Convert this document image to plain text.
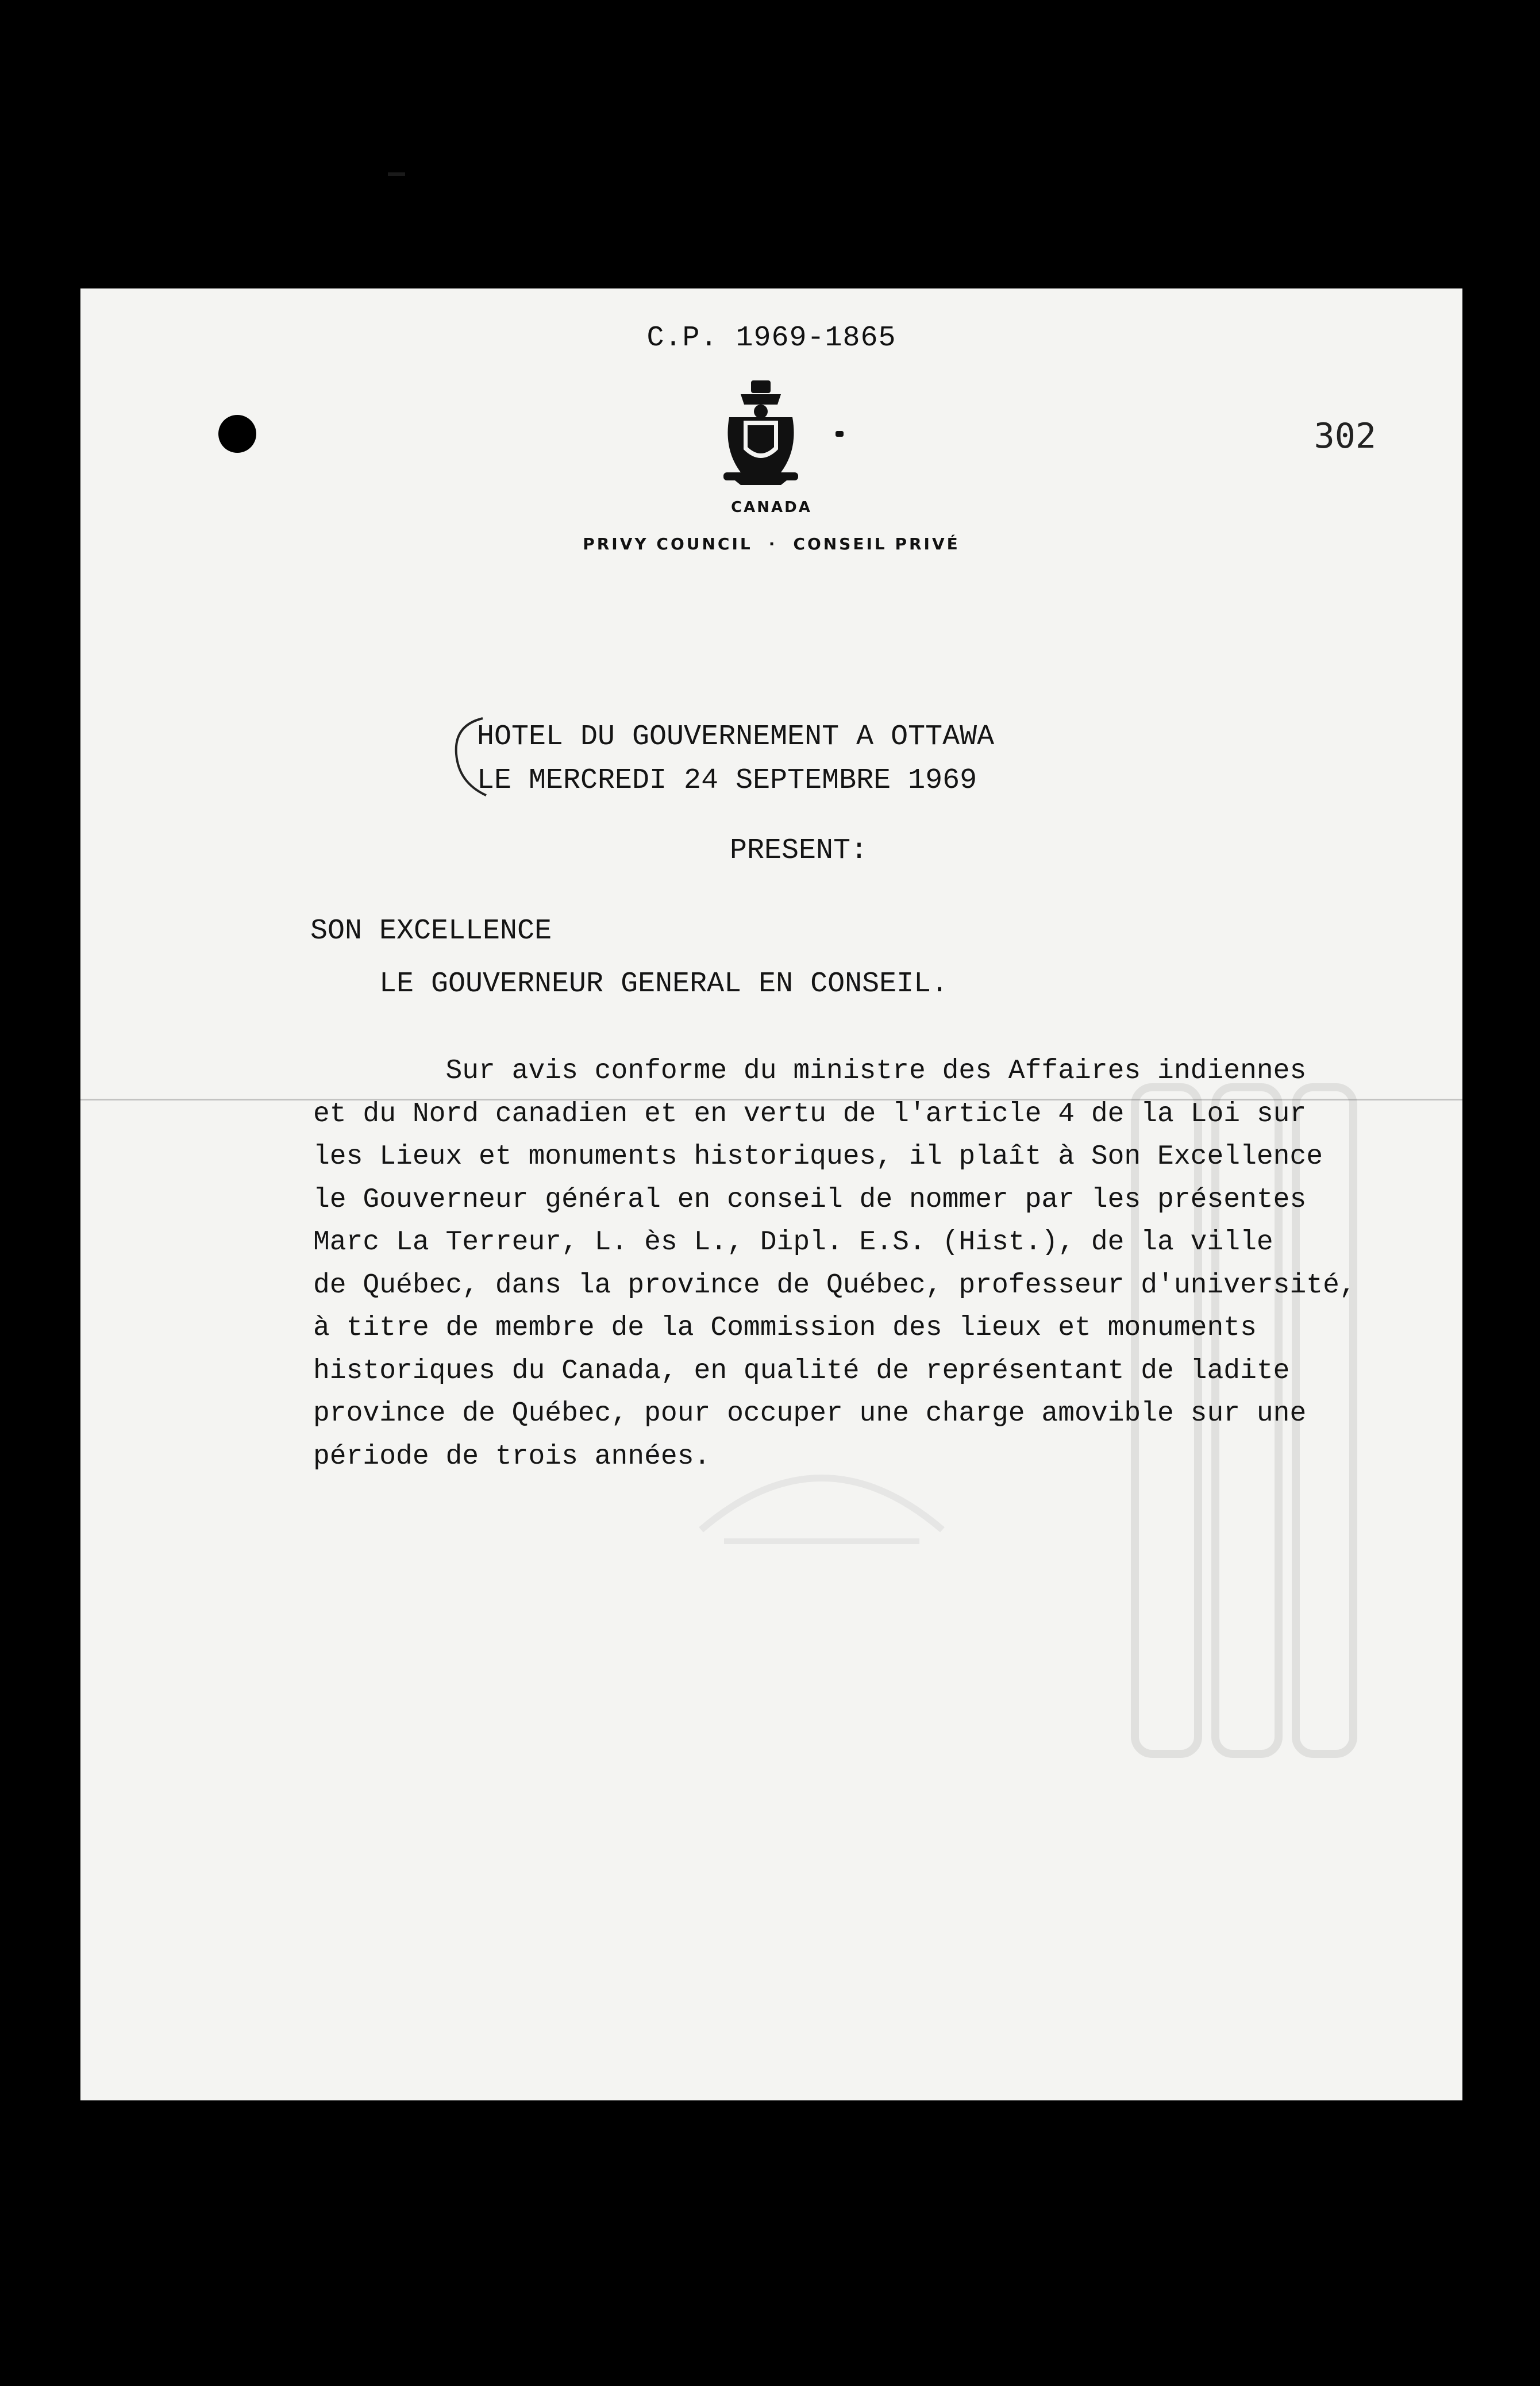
C.P. 1969-1865
302
CANADA
PRIVY COUNCIL · CONSEIL PRIVÉ
HOTEL DU GOUVERNEMENT A OTTAWA
LE MERCREDI 24 SEPTEMBRE 1969
PRESENT:
SON EXCELLENCE
LE GOUVERNEUR GENERAL EN CONSEIL.
Sur avis conforme du ministre des Affaires indiennes
et du Nord canadien et en vertu de l'article 4 de la Loi sur
les Lieux et monuments historiques, il plaît à Son Excellence
le Gouverneur général en conseil de nommer par les présentes
Marc La Terreur, L. ès L., Dipl. E.S. (Hist.), de la ville
de Québec, dans la province de Québec, professeur d'université,
à titre de membre de la Commission des lieux et monuments
historiques du Canada, en qualité de représentant de ladite
province de Québec, pour occuper une charge amovible sur une
période de trois années.
